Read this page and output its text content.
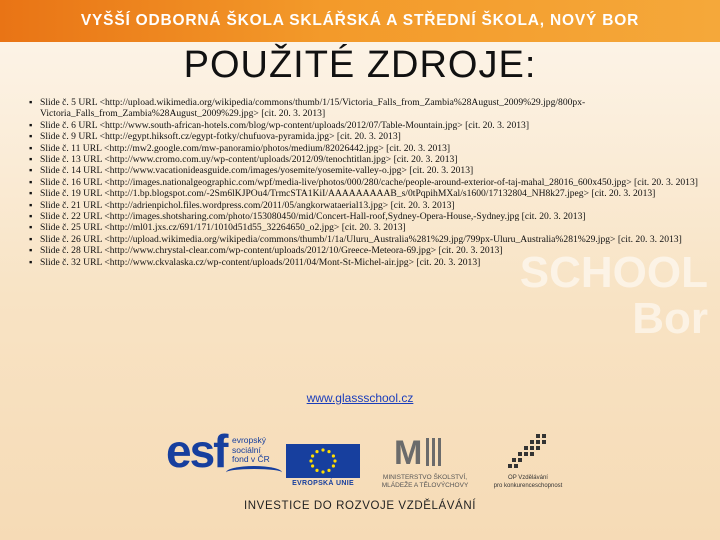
SCHOOL
Bor
VYŠŠÍ ODBORNÁ ŠKOLA SKLÁŘSKÁ A STŘEDNÍ ŠKOLA, NOVÝ BOR
POUŽITÉ ZDROJE:
▪ Slide č. 5 URL <http://upload.wikimedia.org/wikipedia/commons/thumb/1/15/Victoria_Falls_from_Zambia%28August_2009%29.jpg/800px-Victoria_Falls_from_Zambia%28August_2009%29.jpg> [cit. 20. 3. 2013]
▪ Slide č. 6 URL <http://www.south-african-hotels.com/blog/wp-content/uploads/2012/07/Table-Mountain.jpg> [cit. 20. 3. 2013]
▪ Slide č. 9 URL <http://egypt.hiksoft.cz/egypt-fotky/chufuova-pyramida.jpg> [cit. 20. 3. 2013]
▪ Slide č. 11 URL <http://mw2.google.com/mw-panoramio/photos/medium/82026442.jpg> [cit. 20. 3. 2013]
▪ Slide č. 13 URL <http://www.cromo.com.uy/wp-content/uploads/2012/09/tenochtitlan.jpg> [cit. 20. 3. 2013]
▪ Slide č. 14 URL <http://www.vacationideasguide.com/images/yosemite/yosemite-valley-o.jpg> [cit. 20. 3. 2013]
▪ Slide č. 16 URL <http://images.nationalgeographic.com/wpf/media-live/photos/000/280/cache/people-around-exterior-of-taj-mahal_28016_600x450.jpg> [cit. 20. 3. 2013]
▪ Slide č. 19 URL <http://1.bp.blogspot.com/-2Sm6lKJPOu4/TrmcSTA1KiI/AAAAAAAAAB_s/0tPqpihMXal/s1600/17132804_NH8k27.jpeg> [cit. 20. 3. 2013]
▪ Slide č. 21 URL <http://adrienpichol.files.wordpress.com/2011/05/angkorwataerial13.jpg> [cit. 20. 3. 2013]
▪ Slide č. 22 URL <http://images.shotsharing.com/photo/153080450/mid/Concert-Hall-roof,Sydney-Opera-House,-Sydney.jpg [cit. 20. 3. 2013]
▪ Slide č. 25 URL <http://ml01.jxs.cz/691/171/1010d51d55_32264650_o2.jpg> [cit. 20. 3. 2013]
▪ Slide č. 26 URL <http://upload.wikimedia.org/wikipedia/commons/thumb/1/1a/Uluru_Australia%281%29.jpg/799px-Uluru_Australia%281%29.jpg> [cit. 20. 3. 2013]
▪ Slide č. 28 URL <http://www.chrystal-clear.com/wp-content/uploads/2012/10/Greece-Meteora-69.jpg> [cit. 20. 3. 2013]
▪ Slide č. 32 URL <http://www.ckvalaska.cz/wp-content/uploads/2011/04/Mont-St-Michel-air.jpg> [cit. 20. 3. 2013]
www.glassschool.cz
esf evropský
sociální
fond v ČR
EVROPSKÁ UNIE
M
MINISTERSTVO ŠKOLSTVÍ,
MLÁDEŽE A TĚLOVÝCHOVY
OP Vzdělávání
pro konkurenceschopnost
INVESTICE DO ROZVOJE VZDĚLÁVÁNÍ
